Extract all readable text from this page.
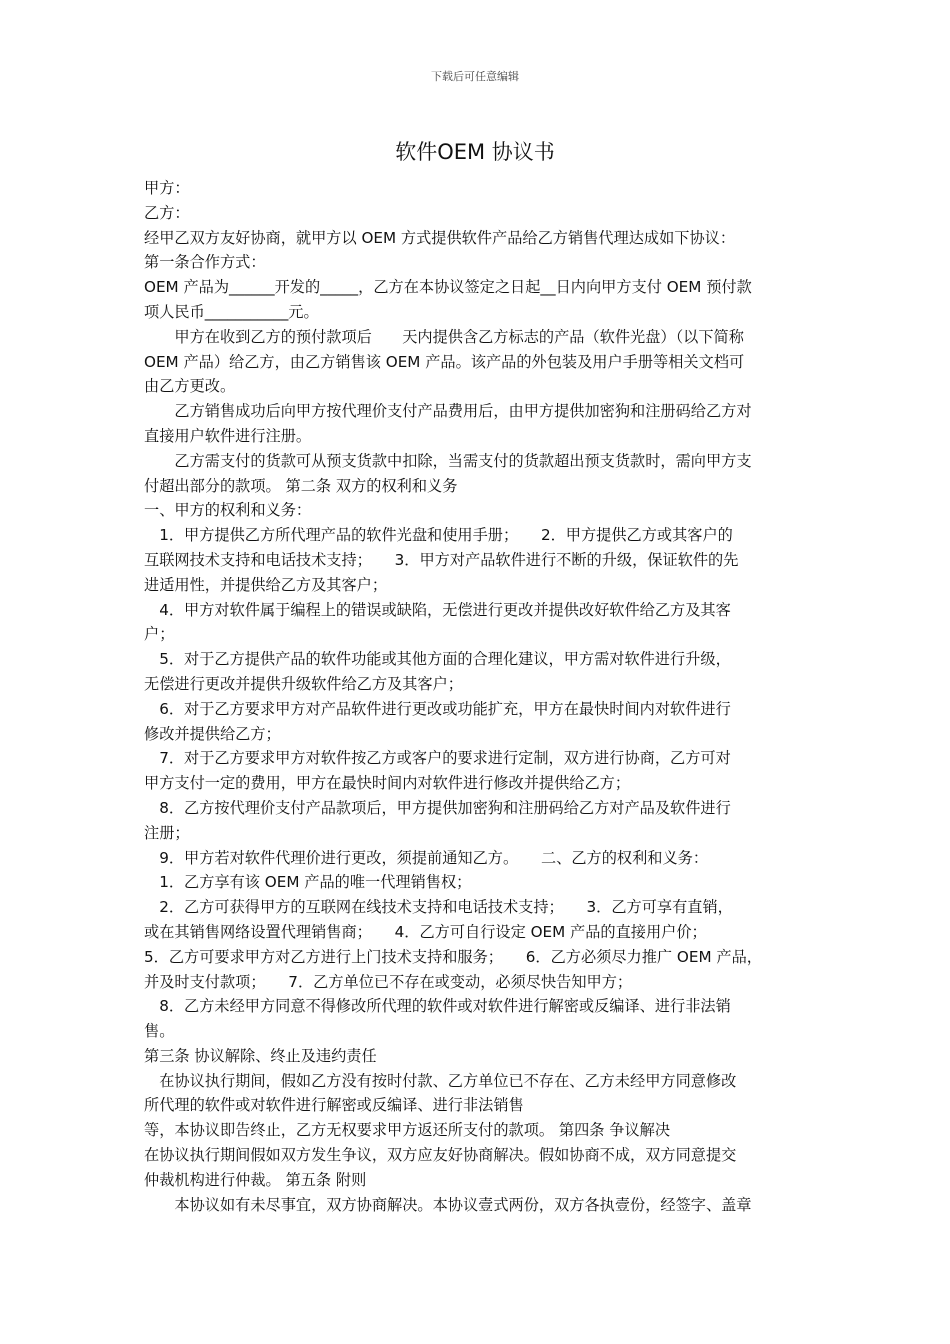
下载后可任意编辑
软件OEM 协议书
甲方：
乙方：
经甲乙双方友好协商，就甲方以 OEM 方式提供软件产品给乙方销售代理达成如下协议：
第一条合作方式：
OEM 产品为______开发的_____，乙方在本协议签定之日起__日内向甲方支付 OEM 预付款
项人民币___________元。
　　甲方在收到乙方的预付款项后　　天内提供含乙方标志的产品（软件光盘）（以下简称
OEM 产品）给乙方，由乙方销售该 OEM 产品。该产品的外包装及用户手册等相关文档可
由乙方更改。
　　乙方销售成功后向甲方按代理价支付产品费用后，由甲方提供加密狗和注册码给乙方对
直接用户软件进行注册。
　　乙方需支付的货款可从预支货款中扣除，当需支付的货款超出预支货款时，需向甲方支
付超出部分的款项。 第二条 双方的权利和义务
一、甲方的权利和义务：
　1．甲方提供乙方所代理产品的软件光盘和使用手册；　　2．甲方提供乙方或其客户的
互联网技术支持和电话技术支持；　　3．甲方对产品软件进行不断的升级，保证软件的先
进适用性，并提供给乙方及其客户；
　4．甲方对软件属于编程上的错误或缺陷，无偿进行更改并提供改好软件给乙方及其客
户；
　5．对于乙方提供产品的软件功能或其他方面的合理化建议，甲方需对软件进行升级，
无偿进行更改并提供升级软件给乙方及其客户；
　6．对于乙方要求甲方对产品软件进行更改或功能扩充，甲方在最快时间内对软件进行
修改并提供给乙方；
　7．对于乙方要求甲方对软件按乙方或客户的要求进行定制，双方进行协商，乙方可对
甲方支付一定的费用，甲方在最快时间内对软件进行修改并提供给乙方；
　8．乙方按代理价支付产品款项后，甲方提供加密狗和注册码给乙方对产品及软件进行
注册；
　9．甲方若对软件代理价进行更改，须提前通知乙方。　　二、乙方的权利和义务：
　1．乙方享有该 OEM 产品的唯一代理销售权；
　2．乙方可获得甲方的互联网在线技术支持和电话技术支持；　　3．乙方可享有直销，
或在其销售网络设置代理销售商；　　4．乙方可自行设定 OEM 产品的直接用户价；
5．乙方可要求甲方对乙方进行上门技术支持和服务；　　6．乙方必须尽力推广 OEM 产品，
并及时支付款项；　　7．乙方单位已不存在或变动，必须尽快告知甲方；
　8．乙方未经甲方同意不得修改所代理的软件或对软件进行解密或反编译、进行非法销
售。
第三条 协议解除、终止及违约责任
　在协议执行期间，假如乙方没有按时付款、乙方单位已不存在、乙方未经甲方同意修改
所代理的软件或对软件进行解密或反编译、进行非法销售
等，本协议即告终止，乙方无权要求甲方返还所支付的款项。 第四条 争议解决
在协议执行期间假如双方发生争议，双方应友好协商解决。假如协商不成，双方同意提交
仲裁机构进行仲裁。 第五条 附则
　　本协议如有未尽事宜，双方协商解决。本协议壹式两份，双方各执壹份，经签字、盖章
